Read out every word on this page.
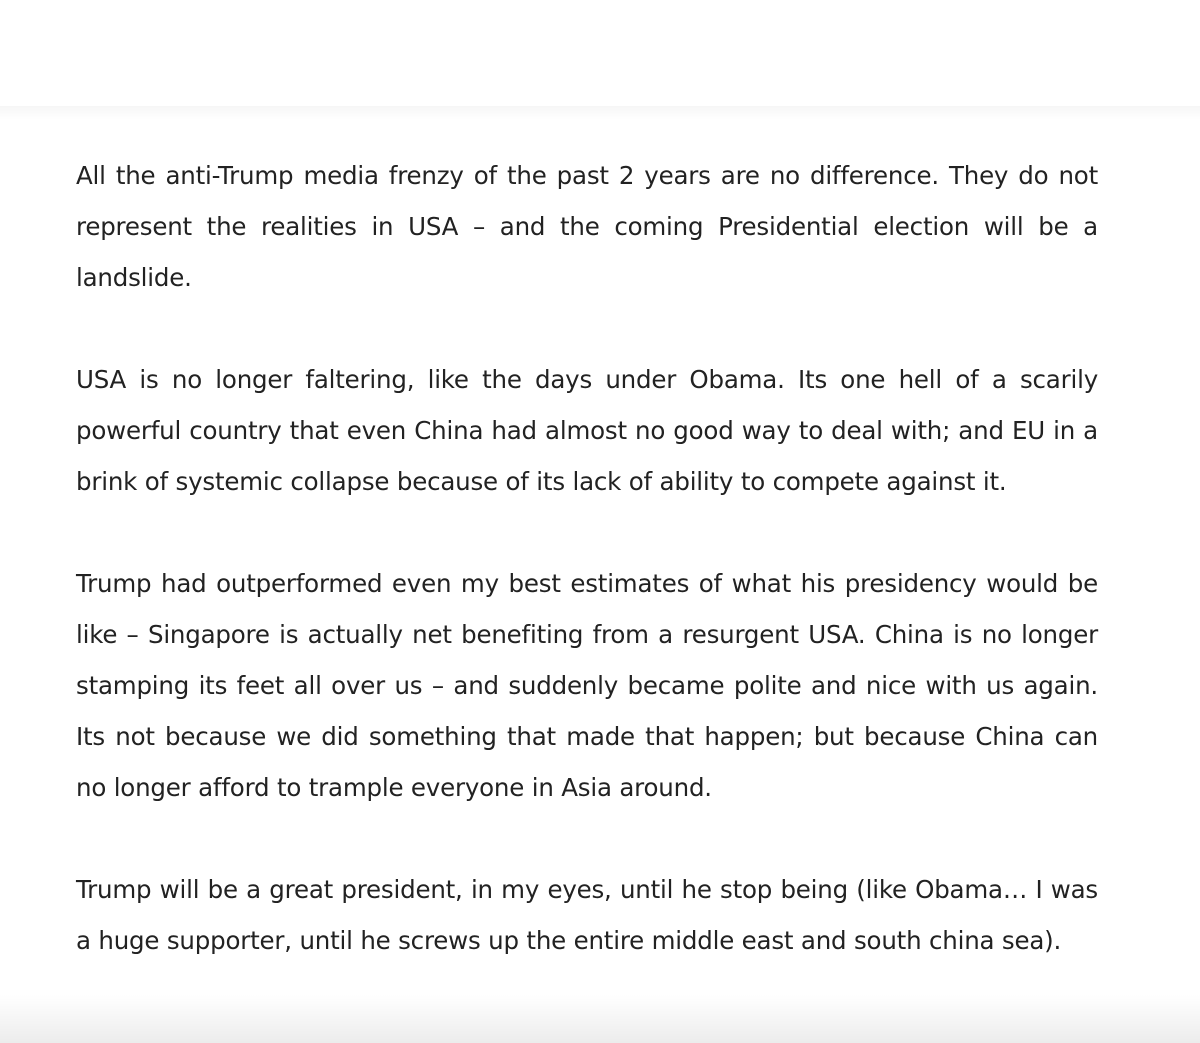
All the anti-Trump media frenzy of the past 2 years are no difference. They do not represent the realities in USA – and the coming Presidential election will be a landslide.

USA is no longer faltering, like the days under Obama. Its one hell of a scarily powerful country that even China had almost no good way to deal with; and EU in a brink of systemic collapse because of its lack of ability to compete against it.

Trump had outperformed even my best estimates of what his presidency would be like – Singapore is actually net benefiting from a resurgent USA. China is no longer stamping its feet all over us – and suddenly became polite and nice with us again. Its not because we did something that made that happen; but because China can no longer afford to trample everyone in Asia around.

Trump will be a great president, in my eyes, until he stop being (like Obama… I was a huge supporter, until he screws up the entire middle east and south china sea).
